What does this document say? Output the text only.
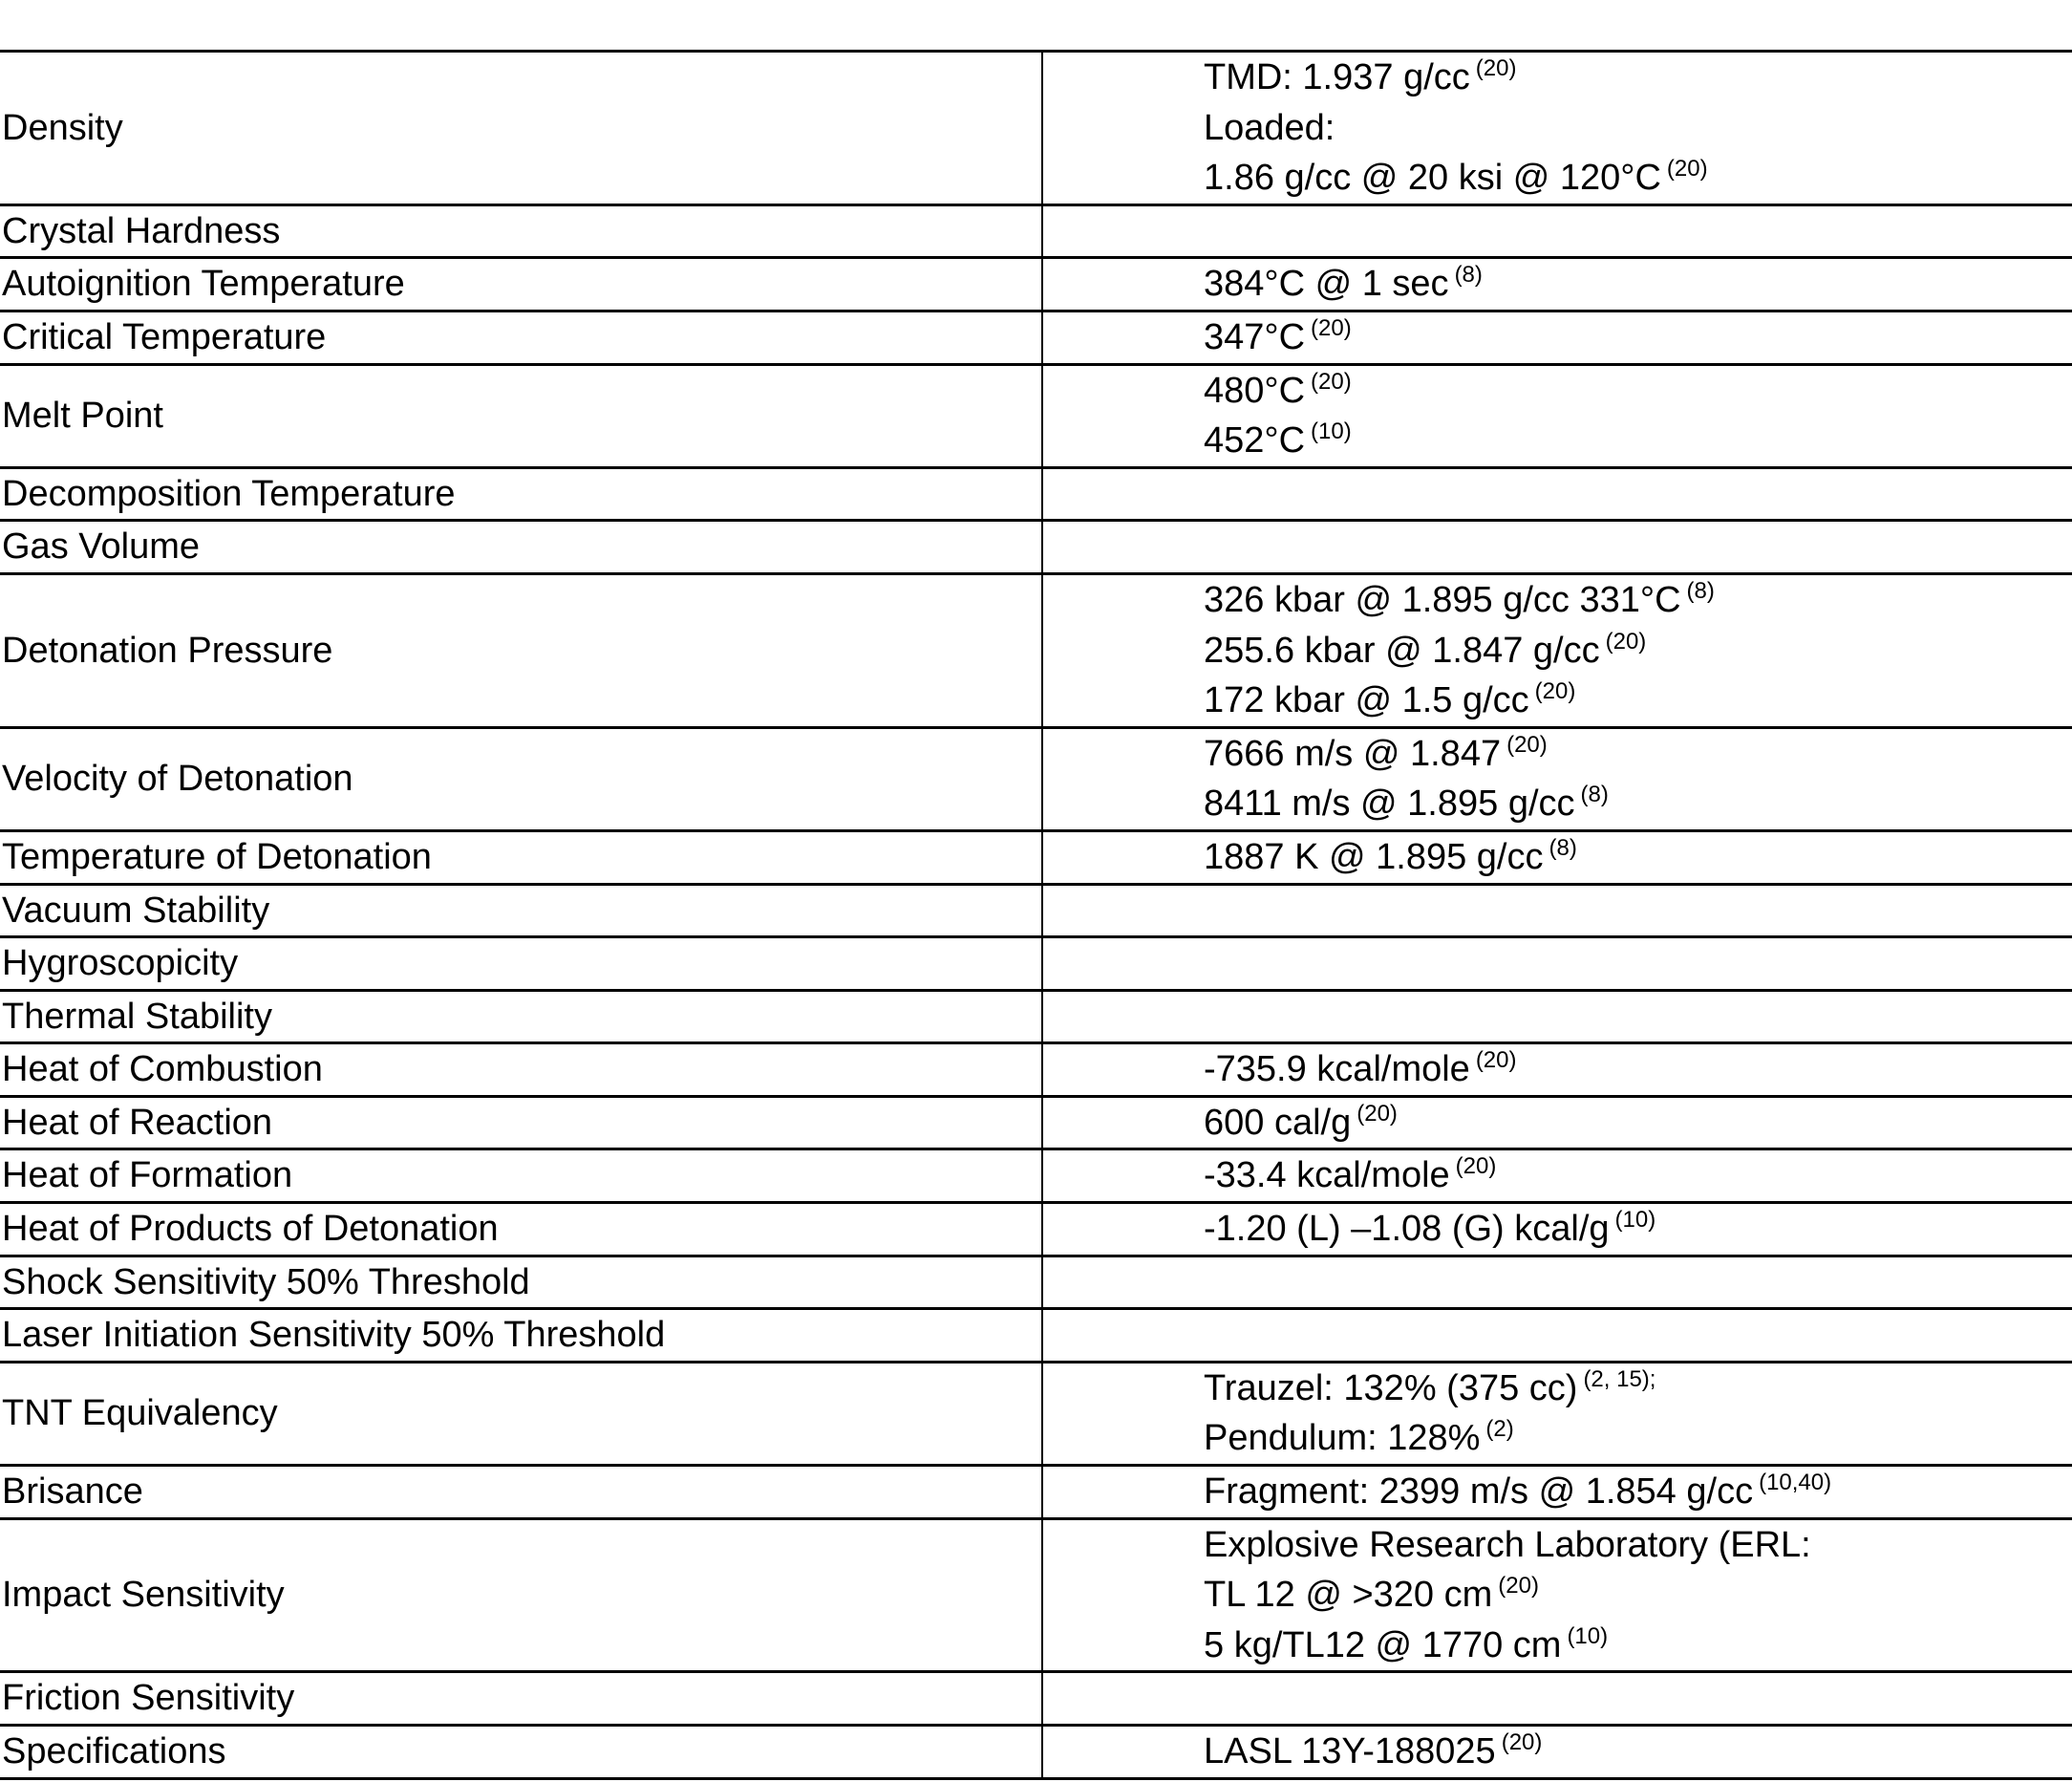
Density	TMD: 1.937 g/cc $^{(20)}$
Loaded:
1.86 g/cc @ 20 ksi @ 120°C $^{(20)}$

Crystal Hardness	

Autoignition Temperature	384°C @ 1 sec $^{(8)}$

Critical Temperature	347°C $^{(20)}$

Melt Point	480°C $^{(20)}$
452°C $^{(10)}$

Decomposition Temperature	

Gas Volume	

Detonation Pressure	326 kbar @ 1.895 g/cc 331°C $^{(8)}$
255.6 kbar @ 1.847 g/cc $^{(20)}$
172 kbar @ 1.5 g/cc $^{(20)}$

Velocity of Detonation	7666 m/s @ 1.847 $^{(20)}$
8411 m/s @ 1.895 g/cc $^{(8)}$

Temperature of Detonation	1887 K @ 1.895 g/cc $^{(8)}$

Vacuum Stability	

Hygroscopicity	

Thermal Stability	

Heat of Combustion	-735.9 kcal/mole $^{(20)}$

Heat of Reaction	600 cal/g $^{(20)}$

Heat of Formation	-33.4 kcal/mole $^{(20)}$

Heat of Products of Detonation	-1.20 (L) –1.08 (G) kcal/g $^{(10)}$

Shock Sensitivity 50% Threshold	

Laser Initiation Sensitivity 50% Threshold	

TNT Equivalency	Trauzel: 132% (375 cc) $^{(2, 15);}$
Pendulum: 128% $^{(2)}$

Brisance	Fragment: 2399 m/s @ 1.854 g/cc $^{(10,40)}$

Impact Sensitivity	Explosive Research Laboratory (ERL:
TL 12 @ >320 cm $^{(20)}$
5 kg/TL12 @ 1770 cm $^{(10)}$

Friction Sensitivity	

Specifications	LASL 13Y-188025 $^{(20)}$
